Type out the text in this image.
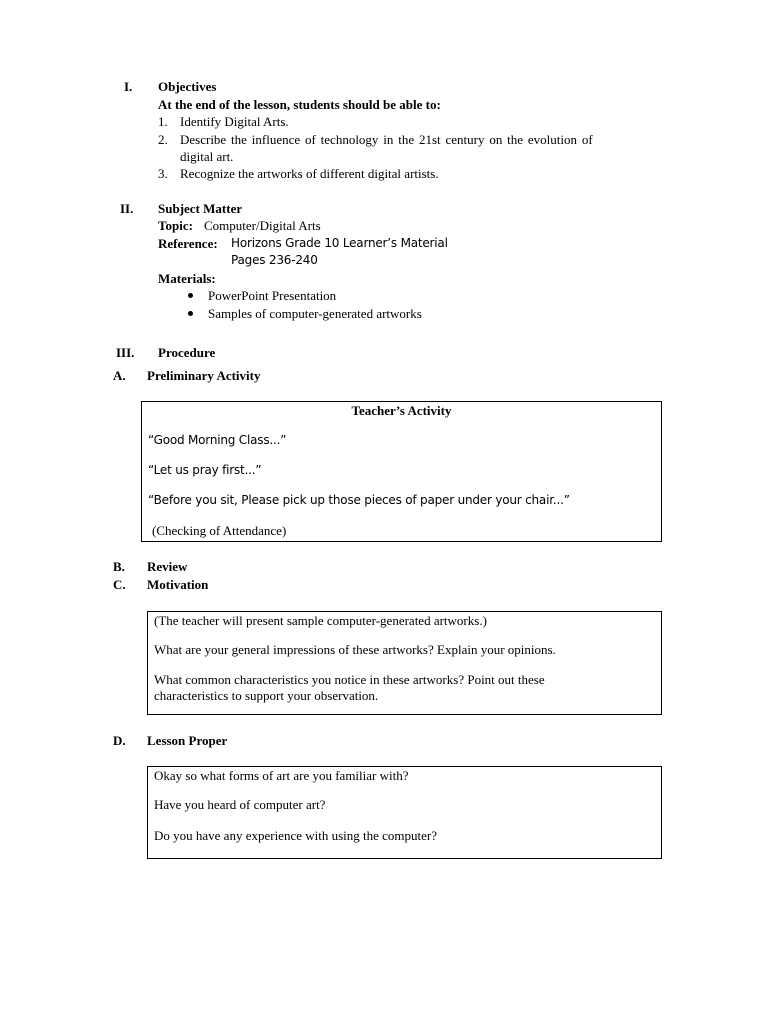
I. Objectives
At the end of the lesson, students should be able to:
1. Identify Digital Arts.
2. Describe the influence of technology in the 21st century on the evolution of
digital art.
3. Recognize the artworks of different digital artists.
II. Subject Matter
Topic: Computer/Digital Arts
Reference: Horizons Grade 10 Learner’s Material
Pages 236-240
Materials:
PowerPoint Presentation
Samples of computer-generated artworks
III. Procedure
A. Preliminary Activity

Teacher’s Activity

“Good Morning Class...”

“Let us pray first...”

“Before you sit, Please pick up those pieces of paper under your chair...”

(Checking of Attendance)

B. Review
C. Motivation

(The teacher will present sample computer-generated artworks.)

What are your general impressions of these artworks? Explain your opinions.

What common characteristics you notice in these artworks? Point out these

characteristics to support your observation.

D. Lesson Proper

Okay so what forms of art are you familiar with?

Have you heard of computer art?

Do you have any experience with using the computer?
